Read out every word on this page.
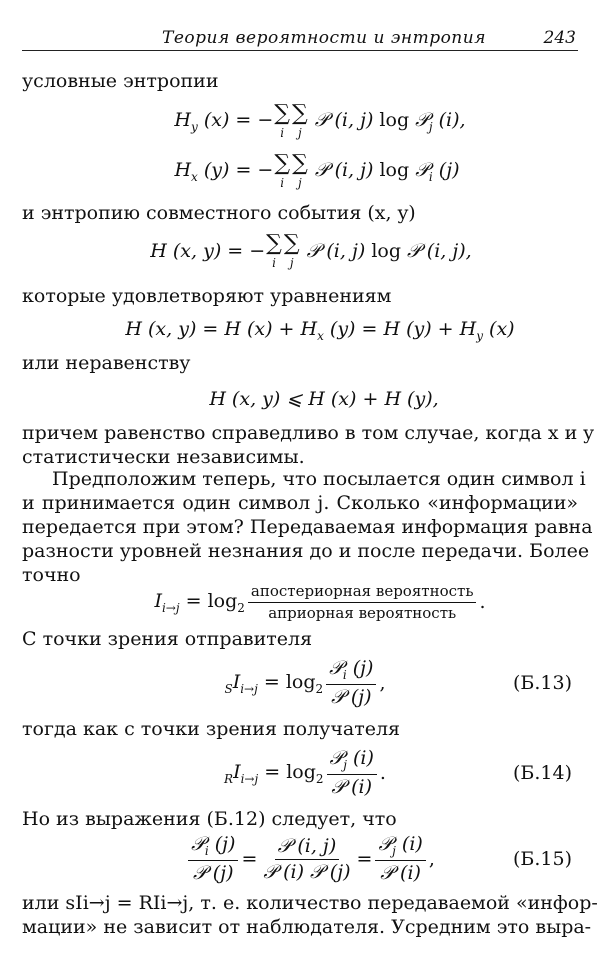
Теория вероятности и энтропия	243
условные энтропии
$H_y$ (x) = − ∑
i
∑
j
𝒫 (i, j) log 𝒫$_j$ (i),
$H_x$ (y) = − ∑
i
∑
j
𝒫 (i, j) log 𝒫$_i$ (j)
и энтропию совместного события (x, y)
H (x, y) = − ∑
i
∑
j
𝒫 (i, j) log 𝒫 (i, j),
которые удовлетворяют уравнениям
H (x, y) = H $(x) + H_x$ (y) = H $(y) + H_y$ (x)
или неравенству
H (x, y) ⩽ H (x) + H (y),
причем равенство справедливо в том случае, когда x и y
статистически независимы.
Предположим теперь, что посылается один символ i
и принимается один символ j. Сколько «информации»
передается при этом? Передаваемая информация равна
разности уровней незнания до и после передачи. Более
точно
$I_{i\to j} = \log_2 \frac{\text{апостериорная вероятность}}{\text{априорная вероятность}}$ .
С точки зрения отправителя
$_SI_{i\to j} = \log_2 \frac{𝒫_i (j)}{\text{𝒫 (j)}}$ ,	(Б.13)
тогда как с точки зрения получателя
$_RI_{i\to j} = \log_2 \frac{𝒫_j (i)}{\text{𝒫 (i)}}$ .	(Б.14)
Но из выражения (Б.12) следует, что
$\frac{𝒫_i (j)}{\text{𝒫 (j)}} = \frac{\text{𝒫 (i, j)}}{\text{𝒫 (i) 𝒫 (j)}} = \frac{𝒫_j (i)}{\text{𝒫 (i)}}$ ,	(Б.15)
или sIi→j = RIi→j, т. е. количество передаваемой «инфор-
мации» не зависит от наблюдателя. Усредним это выра-
